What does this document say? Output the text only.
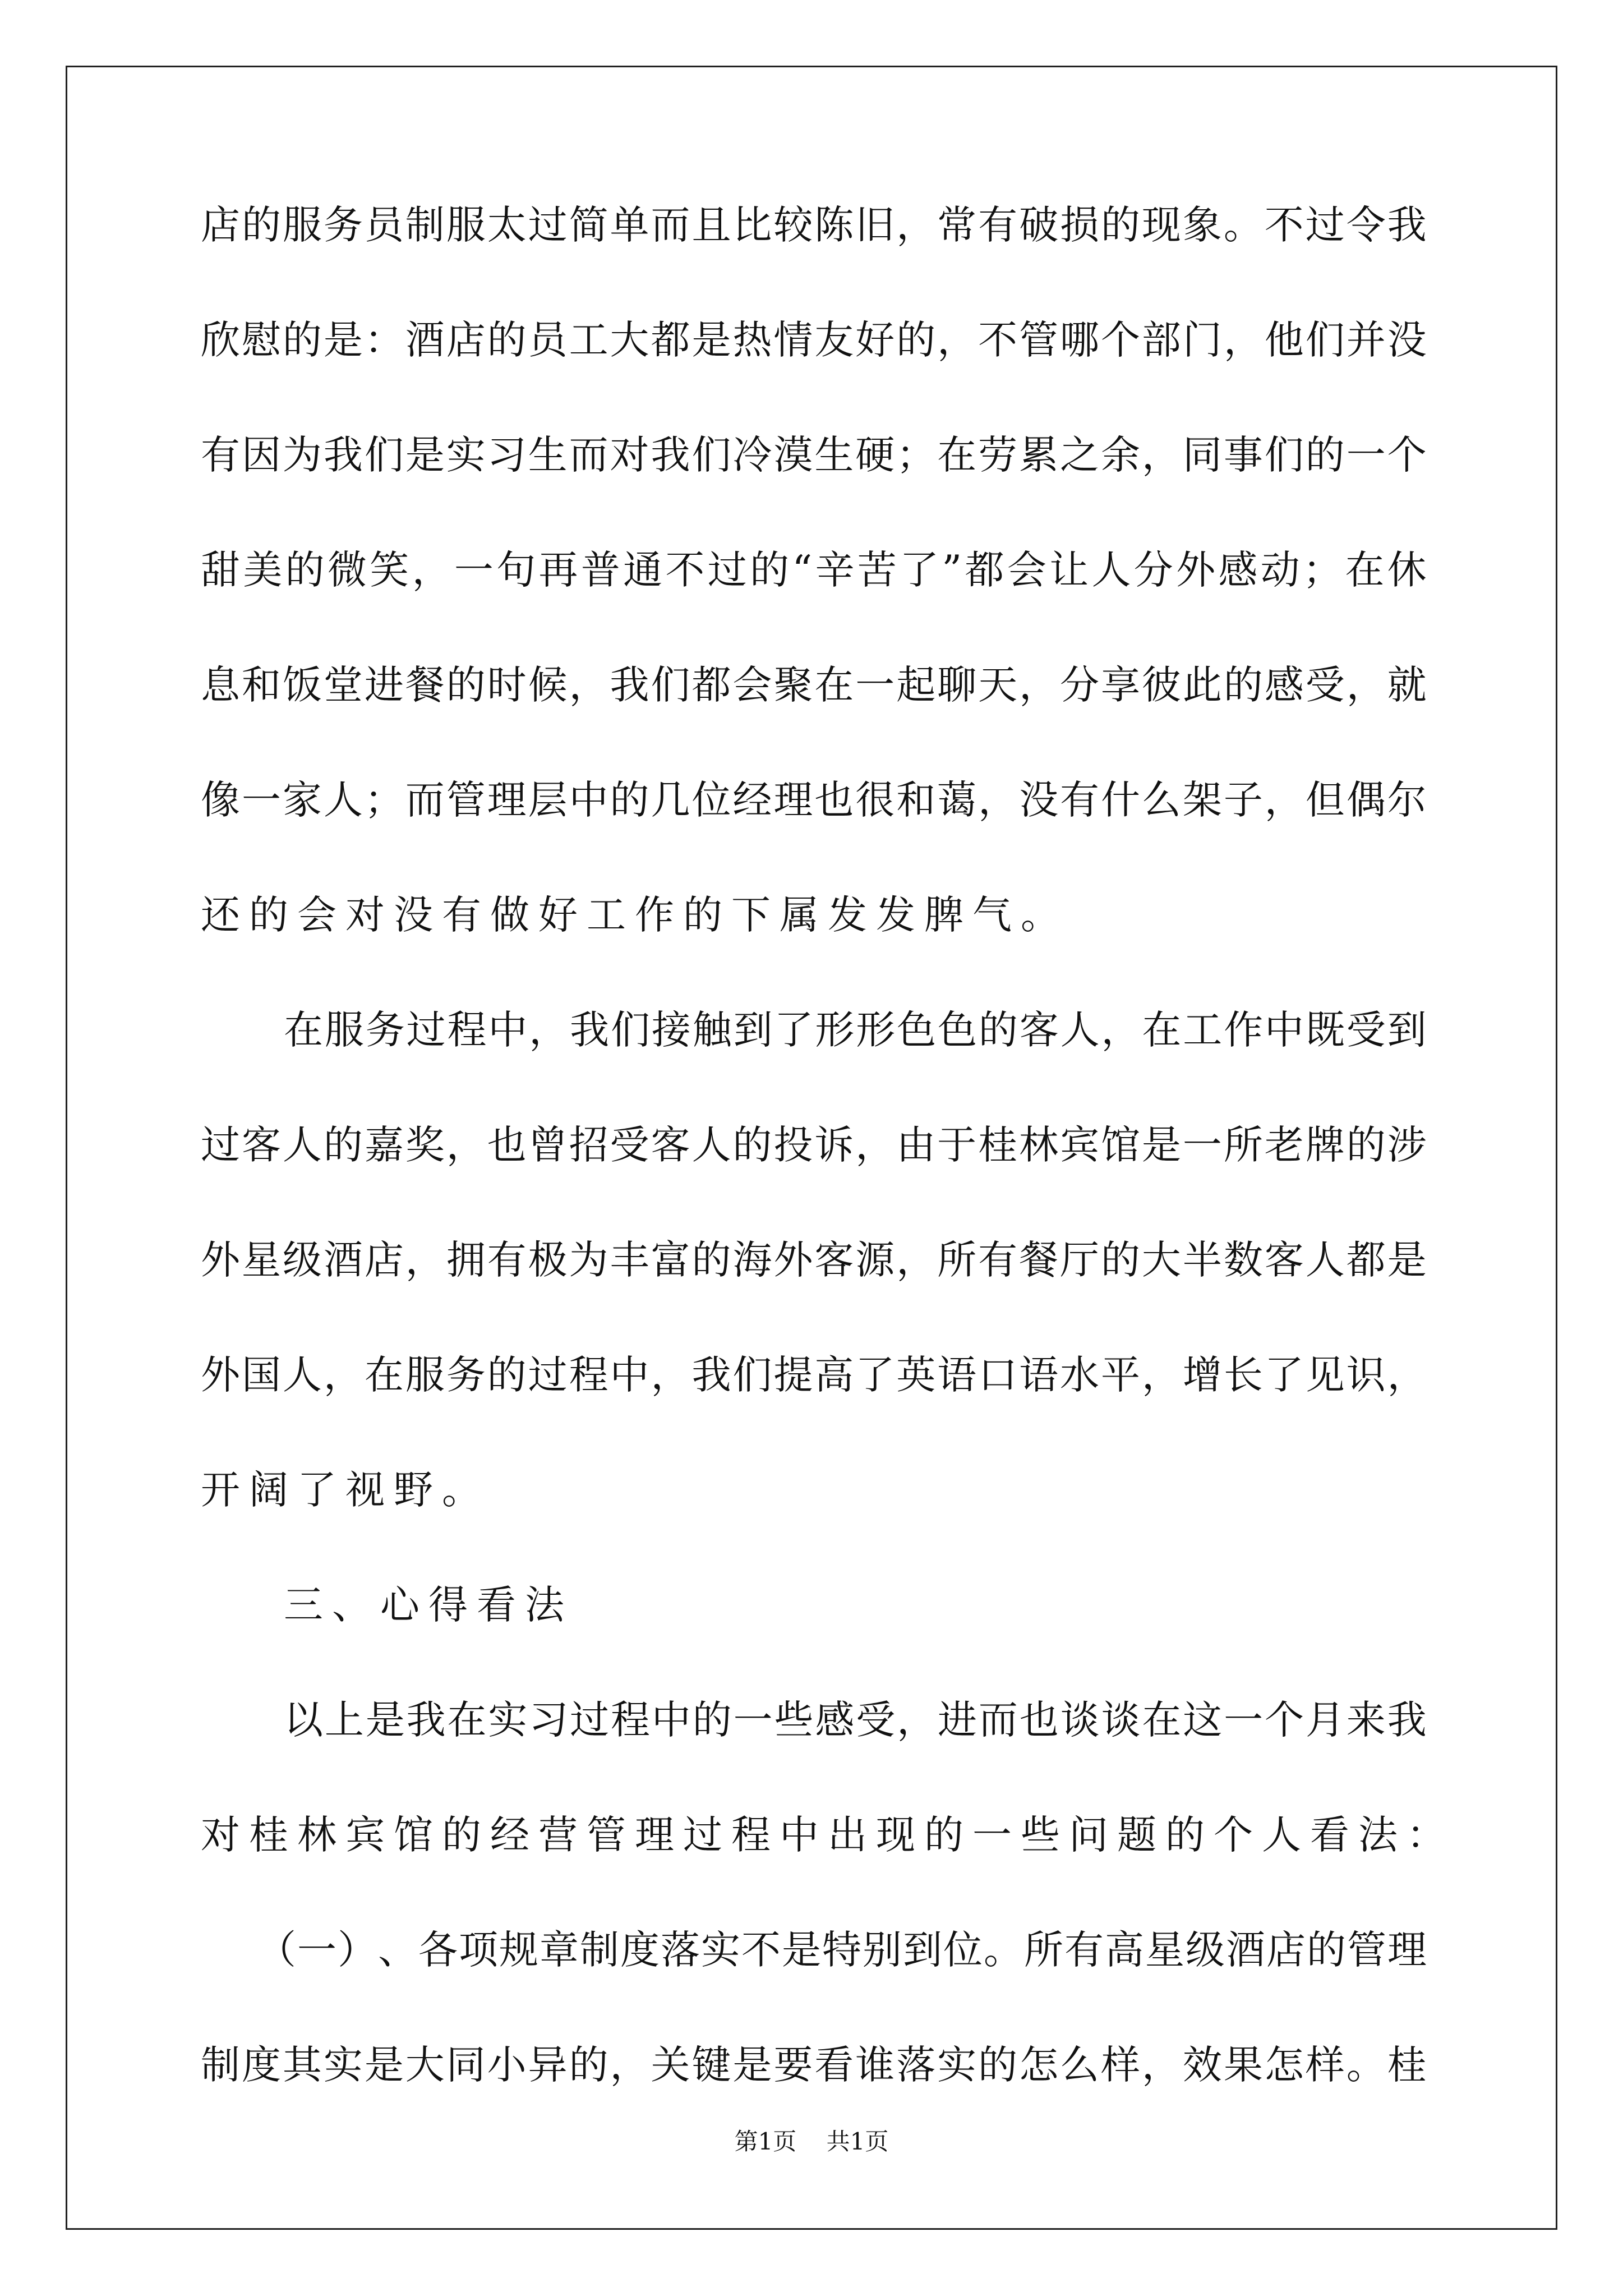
店 的 服 务 员 制 服 太 过 简 单 而 且 比 较 陈 旧 ， 常 有 破 损 的 现 象 。 不 过 令 我
欣 慰 的 是 ： 酒 店 的 员 工 大 都 是 热 情 友 好 的 ， 不 管 哪 个 部 门 ， 他 们 并 没
有 因 为 我 们 是 实 习 生 而 对 我 们 冷 漠 生 硬 ； 在 劳 累 之 余 ， 同 事 们 的 一 个
甜 美 的 微 笑 ， 一 句 再 普 通 不 过 的 “ 辛 苦 了 ” 都 会 让 人 分 外 感 动 ； 在 休
息 和 饭 堂 进 餐 的 时 候 ， 我 们 都 会 聚 在 一 起 聊 天 ， 分 享 彼 此 的 感 受 ， 就
像 一 家 人 ； 而 管 理 层 中 的 几 位 经 理 也 很 和 蔼 ， 没 有 什 么 架 子 ， 但 偶 尔
还的会对没有做好工作的下属发发脾气。
在 服 务 过 程 中 ， 我 们 接 触 到 了 形 形 色 色 的 客 人 ， 在 工 作 中 既 受 到
过 客 人 的 嘉 奖 ， 也 曾 招 受 客 人 的 投 诉 ， 由 于 桂 林 宾 馆 是 一 所 老 牌 的 涉
外 星 级 酒 店 ， 拥 有 极 为 丰 富 的 海 外 客 源 ， 所 有 餐 厅 的 大 半 数 客 人 都 是
外 国 人 ， 在 服 务 的 过 程 中 ， 我 们 提 高 了 英 语 口 语 水 平 ， 增 长 了 见 识 ，
开阔了视野。
三、心得看法
以 上 是 我 在 实 习 过 程 中 的 一 些 感 受 ， 进 而 也 谈 谈 在 这 一 个 月 来 我
对桂林宾馆的经营管理过程中出现的一些问题的个人看法：
（ 一 ） 、 各 项 规 章 制 度 落 实 不 是 特 别 到 位 。 所 有 高 星 级 酒 店 的 管 理
制 度 其 实 是 大 同 小 异 的 ， 关 键 是 要 看 谁 落 实 的 怎 么 样 ， 效 果 怎 样 。 桂
第1页    共1页
